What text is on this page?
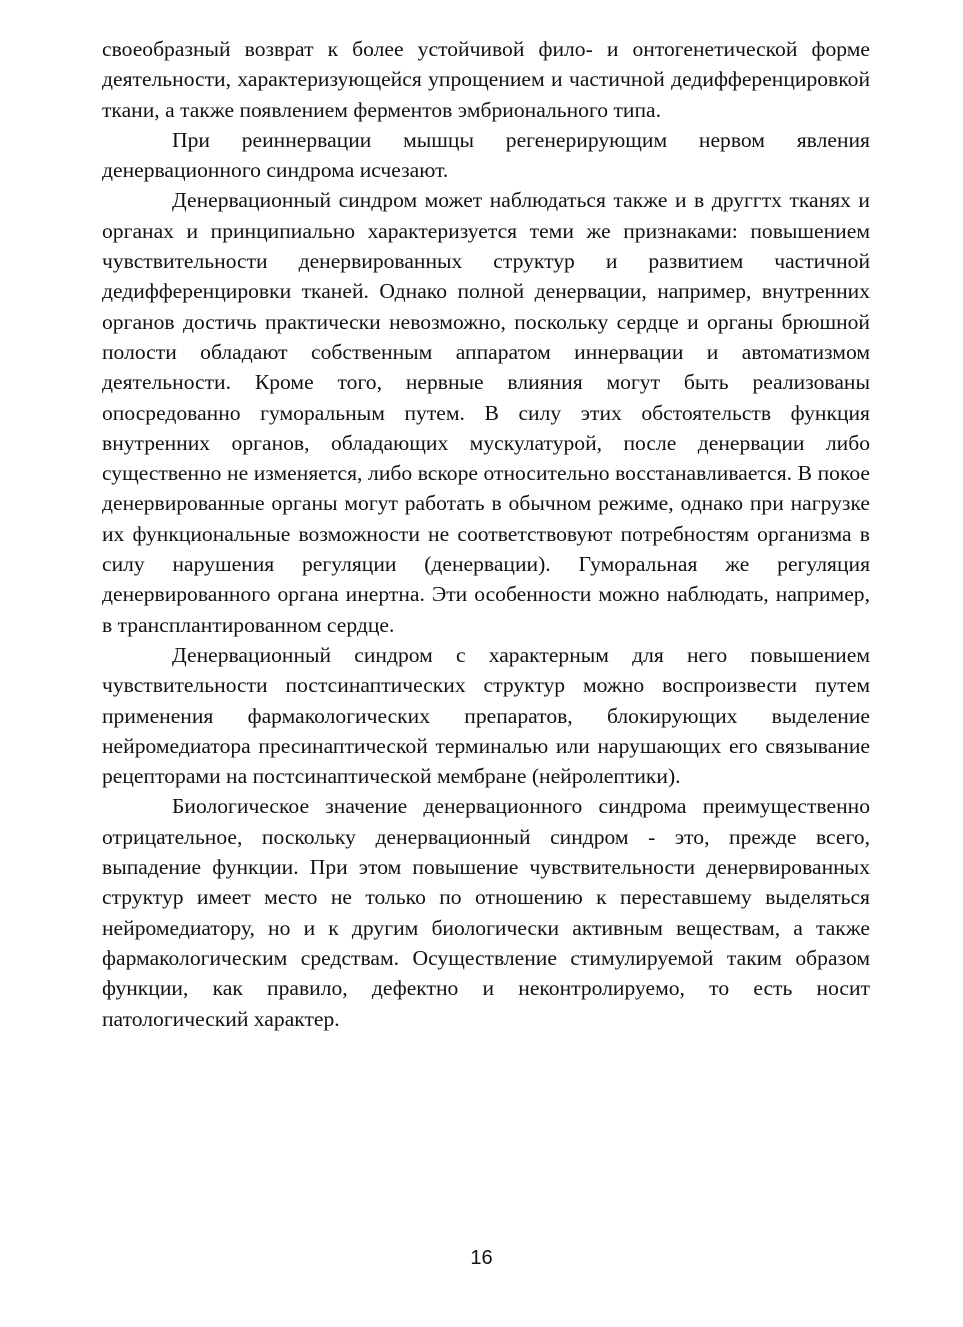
своеобразный возврат к более устойчивой фило- и онтогенетической форме деятельности, характеризующейся упрощением и частичной дедифференцировкой ткани, а также появлением ферментов эмбрионального типа.

При реиннервации мышцы регенерирующим нервом явления денервационного синдрома исчезают.

Денервационный синдром может наблюдаться также и в друггтх тканях и органах и принципиально характеризуется теми же признаками: повышением чувствительности денервированных структур и развитием частичной дедифференцировки тканей. Однако полной денервации, например, внутренних органов достичь практически невозможно, поскольку сердце и органы брюшной полости обладают собственным аппаратом иннервации и автоматизмом деятельности. Кроме того, нервные влияния могут быть реализованы опосредованно гуморальным путем. В силу этих обстоятельств функция внутренних органов, обладающих мускулатурой, после денервации либо существенно не изменяется, либо вскоре относительно восстанавливается. В покое денервированные органы могут работать в обычном режиме, однако при нагрузке их функциональные возможности не соответствовуют потребностям организма в силу нарушения регуляции (денервации). Гуморальная же регуляция денервированного органа инертна. Эти особенности можно наблюдать, например, в трансплантированном сердце.

Денервационный синдром с характерным для него повышением чувствительности постсинаптических структур можно воспроизвести путем применения фармакологических препаратов, блокирующих выделение нейромедиатора пресинаптической терминалью или нарушающих его связывание рецепторами на постсинаптической мембране (нейролептики).

Биологическое значение денервационного синдрома преимущественно отрицательное, поскольку денервационный синдром - это, прежде всего, выпадение функции. При этом повышение чувствительности денервированных структур имеет место не только по отношению к переставшему выделяться нейромедиатору, но и к другим биологически активным веществам, а также фармакологическим средствам. Осуществление стимулируемой таким образом функции, как правило, дефектно и неконтролируемо, то есть носит патологический характер.

16
